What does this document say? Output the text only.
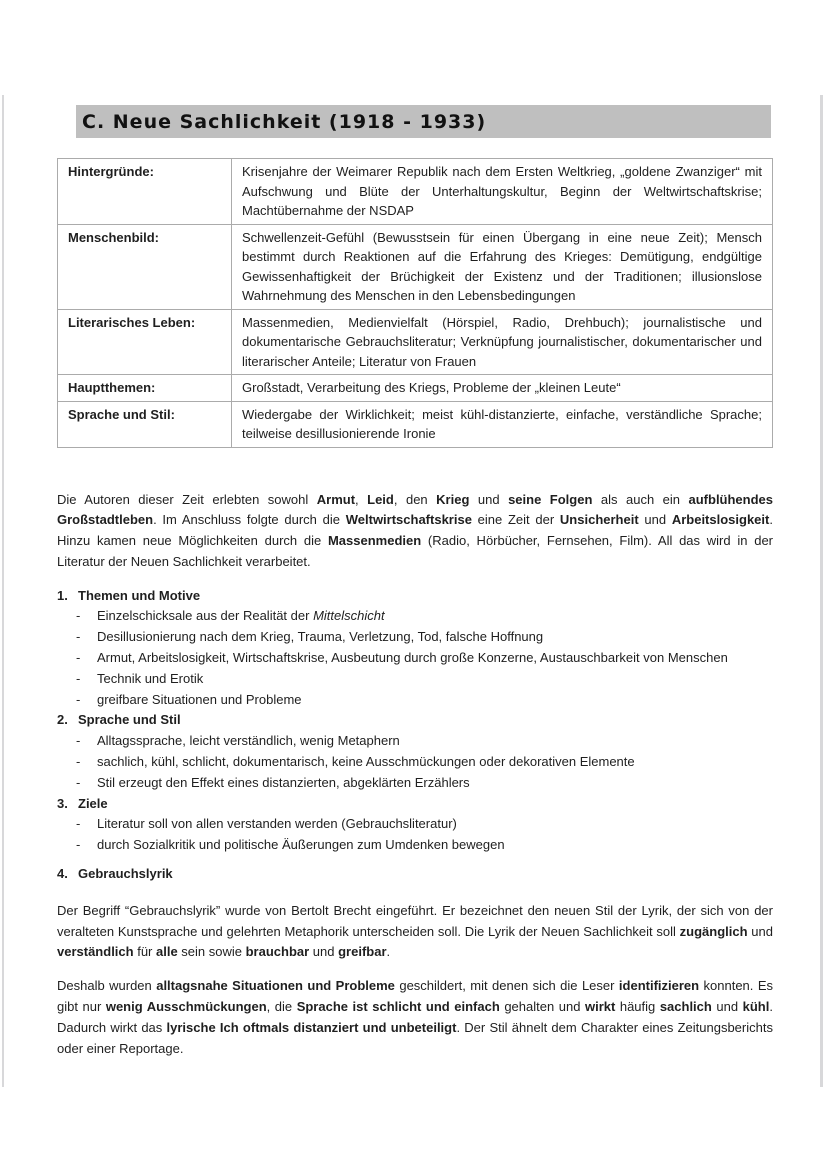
C. Neue Sachlichkeit (1918 - 1933)
Hintergründe:	Krisenjahre der Weimarer Republik nach dem Ersten Weltkrieg, „goldene Zwanziger“ mit Aufschwung und Blüte der Unterhaltungskultur, Beginn der Weltwirtschaftskrise; Machtübernahme der NSDAP
Menschenbild:	Schwellenzeit-Gefühl (Bewusstsein für einen Übergang in eine neue Zeit); Mensch bestimmt durch Reaktionen auf die Erfahrung des Krieges: Demütigung, endgültige Gewissenhaftigkeit der Brüchigkeit der Existenz und der Traditionen; illusionslose Wahrnehmung des Menschen in den Lebensbedingungen
Literarisches Leben:	Massenmedien, Medienvielfalt (Hörspiel, Radio, Drehbuch); journalistische und dokumentarische Gebrauchsliteratur; Verknüpfung journalistischer, dokumentarischer und literarischer Anteile; Literatur von Frauen
Hauptthemen:	Großstadt, Verarbeitung des Kriegs, Probleme der „kleinen Leute“
Sprache und Stil:	Wiedergabe der Wirklichkeit; meist kühl-distanzierte, einfache, verständliche Sprache; teilweise desillusionierende Ironie

Die Autoren dieser Zeit erlebten sowohl Armut, Leid, den Krieg und seine Folgen als auch ein aufblühendes Großstadtleben. Im Anschluss folgte durch die Weltwirtschaftskrise eine Zeit der Unsicherheit und Arbeitslosigkeit. Hinzu kamen neue Möglichkeiten durch die Massenmedien (Radio, Hörbücher, Fernsehen, Film). All das wird in der Literatur der Neuen Sachlichkeit verarbeitet.

1. Themen und Motive
-	Einzelschicksale aus der Realität der Mittelschicht
-	Desillusionierung nach dem Krieg, Trauma, Verletzung, Tod, falsche Hoffnung
-	Armut, Arbeitslosigkeit, Wirtschaftskrise, Ausbeutung durch große Konzerne, Austauschbarkeit von Menschen
-	Technik und Erotik
-	greifbare Situationen und Probleme
2. Sprache und Stil
-	Alltagssprache, leicht verständlich, wenig Metaphern
-	sachlich, kühl, schlicht, dokumentarisch, keine Ausschmückungen oder dekorativen Elemente
-	Stil erzeugt den Effekt eines distanzierten, abgeklärten Erzählers
3. Ziele
-	Literatur soll von allen verstanden werden (Gebrauchsliteratur)
-	durch Sozialkritik und politische Äußerungen zum Umdenken bewegen
4. Gebrauchslyrik

Der Begriff “Gebrauchslyrik” wurde von Bertolt Brecht eingeführt. Er bezeichnet den neuen Stil der Lyrik, der sich von der veralteten Kunstsprache und gelehrten Metaphorik unterscheiden soll. Die Lyrik der Neuen Sachlichkeit soll zugänglich und verständlich für alle sein sowie brauchbar und greifbar.

Deshalb wurden alltagsnahe Situationen und Probleme geschildert, mit denen sich die Leser identifizieren konnten. Es gibt nur wenig Ausschmückungen, die Sprache ist schlicht und einfach gehalten und wirkt häufig sachlich und kühl. Dadurch wirkt das lyrische Ich oftmals distanziert und unbeteiligt. Der Stil ähnelt dem Charakter eines Zeitungsberichts oder einer Reportage.
